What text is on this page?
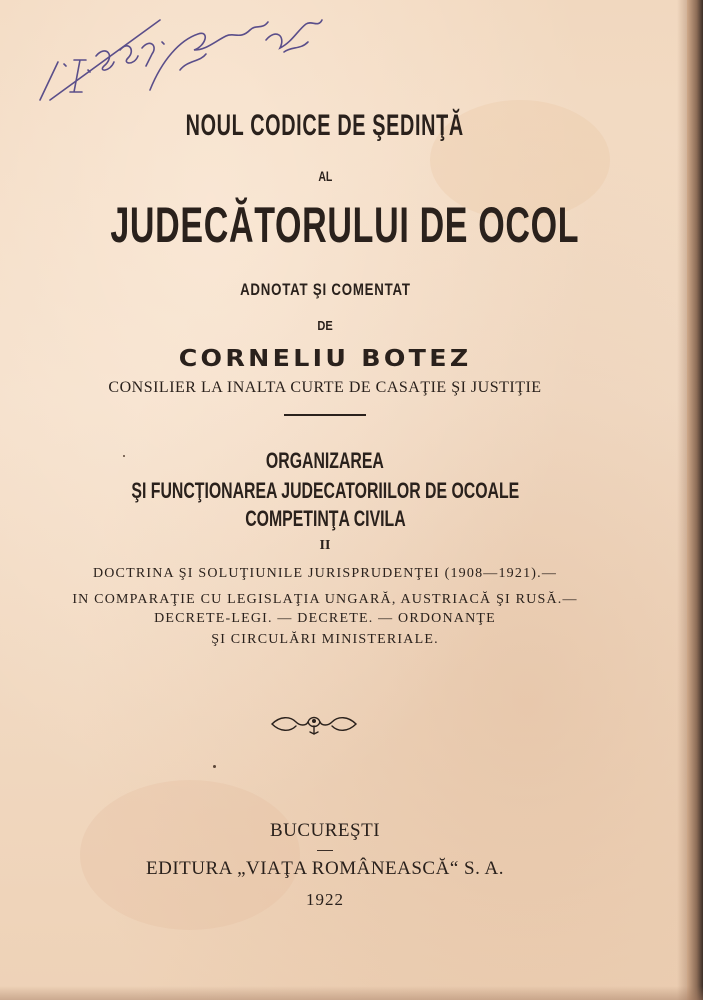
NOUL CODICE DE ŞEDINŢĂ
AL
JUDECĂTORULUI DE OCOL
ADNOTAT ŞI COMENTAT
DE
CORNELIU BOTEZ
CONSILIER LA INALTA CURTE DE CASAŢIE ŞI JUSTIŢIE
ORGANIZAREA
ŞI FUNCŢIONAREA JUDECATORIILOR DE OCOALE
COMPETINŢA CIVILA
II
DOCTRINA ŞI SOLUŢIUNILE JURISPRUDENŢEI (1908—1921).—
IN COMPARAŢIE CU LEGISLAŢIA UNGARĂ, AUSTRIACĂ ŞI RUSĂ.—
DECRETE-LEGI. — DECRETE. — ORDONANŢE
ŞI CIRCULĂRI MINISTERIALE.
BUCUREŞTI
EDITURA „VIAŢA ROMÂNEASCĂ“ S. A.
1922
